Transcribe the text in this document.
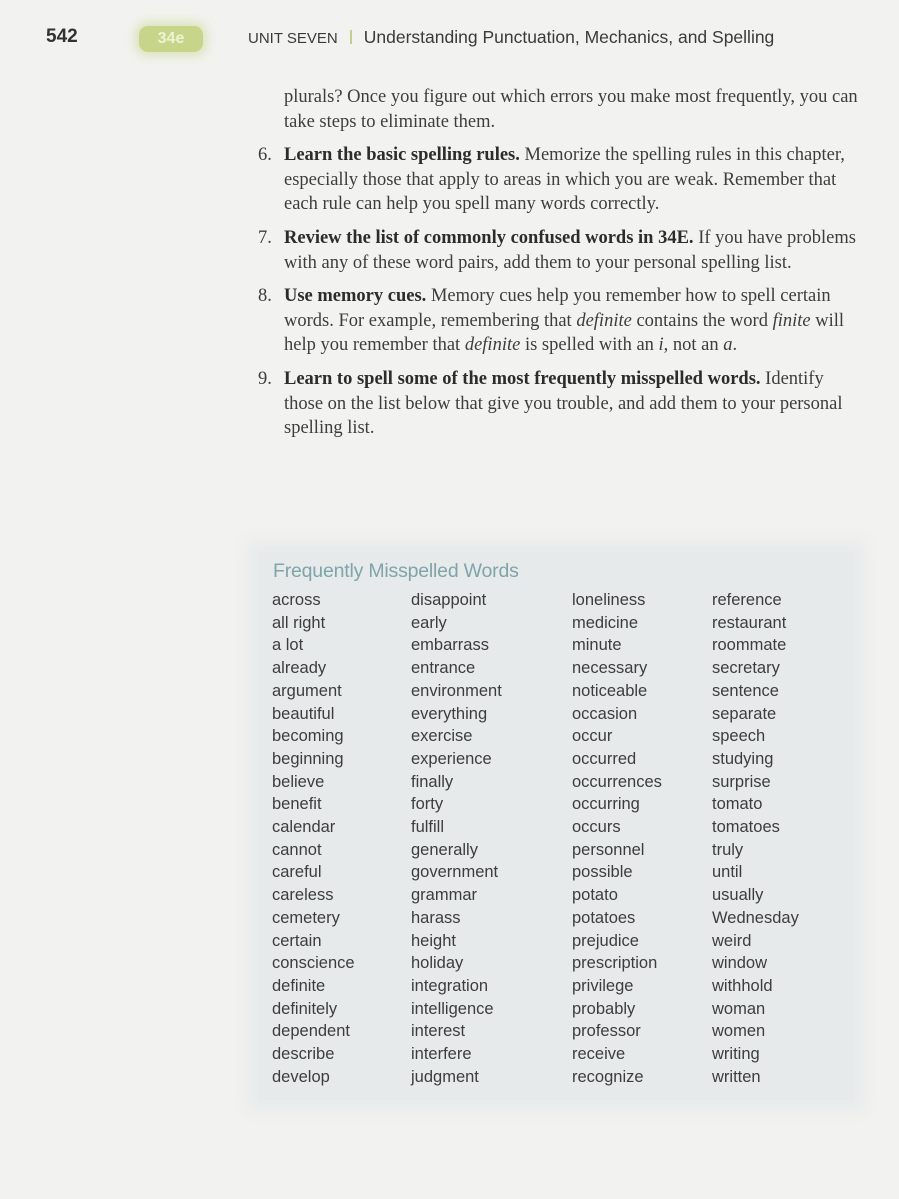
542	34e	UNIT SEVEN Understanding Punctuation, Mechanics, and Spelling

plurals? Once you figure out which errors you make most frequently, you can take steps to eliminate them.

6. Learn the basic spelling rules. Memorize the spelling rules in this chapter, especially those that apply to areas in which you are weak. Remember that each rule can help you spell many words correctly.
7. Review the list of commonly confused words in 34E. If you have problems with any of these word pairs, add them to your personal spelling list.
8. Use memory cues. Memory cues help you remember how to spell certain words. For example, remembering that definite contains the word finite will help you remember that definite is spelled with an i, not an a.
9. Learn to spell some of the most frequently misspelled words. Identify those on the list below that give you trouble, and add them to your personal spelling list.
Frequently Misspelled Words
across
all right
a lot
already
argument
beautiful
becoming
beginning
believe
benefit
calendar
cannot
careful
careless
cemetery
certain
conscience
definite
definitely
dependent
describe
develop
disappoint
early
embarrass
entrance
environment
everything
exercise
experience
finally
forty
fulfill
generally
government
grammar
harass
height
holiday
integration
intelligence
interest
interfere
judgment
loneliness
medicine
minute
necessary
noticeable
occasion
occur
occurred
occurrences
occurring
occurs
personnel
possible
potato
potatoes
prejudice
prescription
privilege
probably
professor
receive
recognize
reference
restaurant
roommate
secretary
sentence
separate
speech
studying
surprise
tomato
tomatoes
truly
until
usually
Wednesday
weird
window
withhold
woman
women
writing
written
